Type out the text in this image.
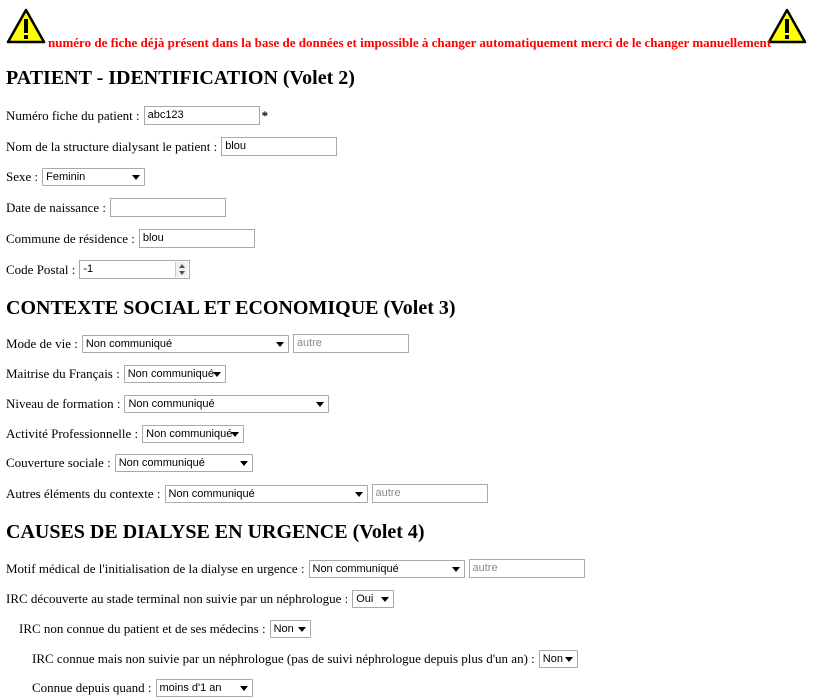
numéro de fiche déjà présent dans la base de données et impossible à changer automatiquement merci de le changer manuellement
PATIENT - IDENTIFICATION (Volet 2)
Numéro fiche du patient : abc123	*
Nom de la structure dialysant le patient : blou
Sexe : Feminin
Date de naissance :
Commune de résidence : blou
Code Postal : -1
CONTEXTE SOCIAL ET ECONOMIQUE (Volet 3)
Mode de vie : Non communiqué	autre
Maitrise du Français : Non communiqué
Niveau de formation : Non communiqué
Activité Professionnelle : Non communiqué
Couverture sociale : Non communiqué
Autres éléments du contexte : Non communiqué	autre
CAUSES DE DIALYSE EN URGENCE (Volet 4)
Motif médical de l'initialisation de la dialyse en urgence : Non communiqué	autre
IRC découverte au stade terminal non suivie par un néphrologue : Oui
IRC non connue du patient et de ses médecins : Non
IRC connue mais non suivie par un néphrologue (pas de suivi néphrologue depuis plus d'un an) : Non
Connue depuis quand : moins d'1 an
